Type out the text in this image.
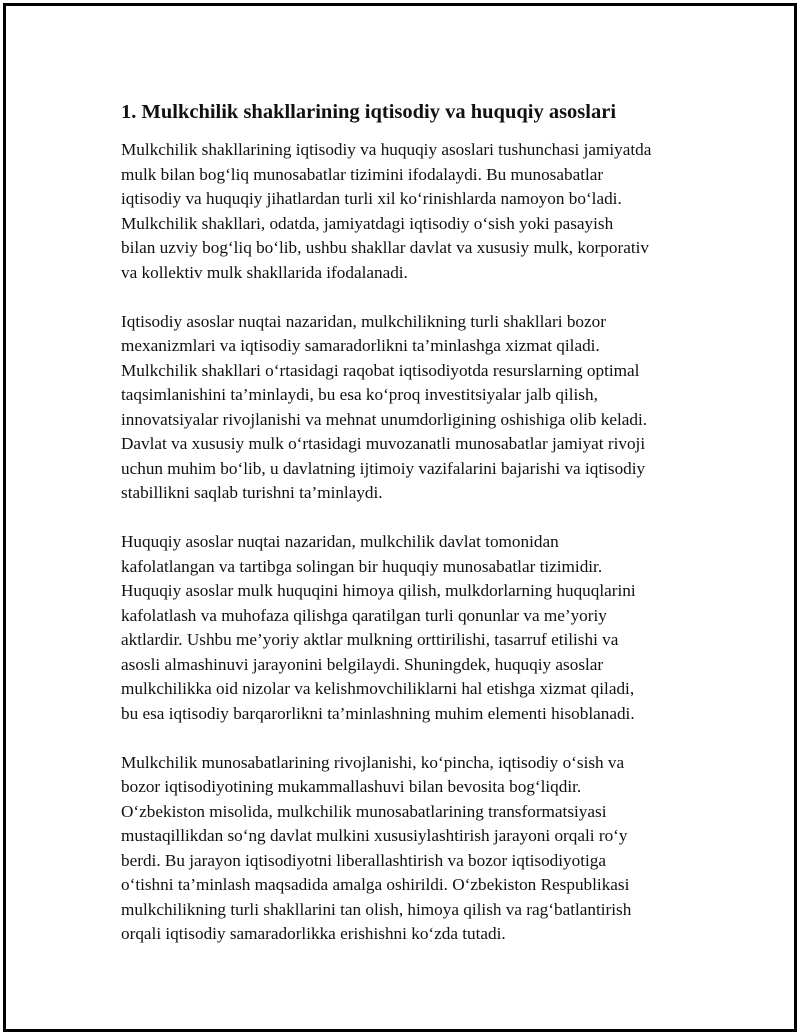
1. Mulkchilik shakllarining iqtisodiy va huquqiy asoslari

Mulkchilik shakllarining iqtisodiy va huquqiy asoslari tushunchasi jamiyatda
mulk bilan bog‘liq munosabatlar tizimini ifodalaydi. Bu munosabatlar
iqtisodiy va huquqiy jihatlardan turli xil ko‘rinishlarda namoyon bo‘ladi.
Mulkchilik shakllari, odatda, jamiyatdagi iqtisodiy o‘sish yoki pasayish
bilan uzviy bog‘liq bo‘lib, ushbu shakllar davlat va xususiy mulk, korporativ
va kollektiv mulk shakllarida ifodalanadi.

Iqtisodiy asoslar nuqtai nazaridan, mulkchilikning turli shakllari bozor
mexanizmlari va iqtisodiy samaradorlikni ta’minlashga xizmat qiladi.
Mulkchilik shakllari o‘rtasidagi raqobat iqtisodiyotda resurslarning optimal
taqsimlanishini ta’minlaydi, bu esa ko‘proq investitsiyalar jalb qilish,
innovatsiyalar rivojlanishi va mehnat unumdorligining oshishiga olib keladi.
Davlat va xususiy mulk o‘rtasidagi muvozanatli munosabatlar jamiyat rivoji
uchun muhim bo‘lib, u davlatning ijtimoiy vazifalarini bajarishi va iqtisodiy
stabillikni saqlab turishni ta’minlaydi.

Huquqiy asoslar nuqtai nazaridan, mulkchilik davlat tomonidan
kafolatlangan va tartibga solingan bir huquqiy munosabatlar tizimidir.
Huquqiy asoslar mulk huquqini himoya qilish, mulkdorlarning huquqlarini
kafolatlash va muhofaza qilishga qaratilgan turli qonunlar va me’yoriy
aktlardir. Ushbu me’yoriy aktlar mulkning orttirilishi, tasarruf etilishi va
asosli almashinuvi jarayonini belgilaydi. Shuningdek, huquqiy asoslar
mulkchilikka oid nizolar va kelishmovchiliklarni hal etishga xizmat qiladi,
bu esa iqtisodiy barqarorlikni ta’minlashning muhim elementi hisoblanadi.

Mulkchilik munosabatlarining rivojlanishi, ko‘pincha, iqtisodiy o‘sish va
bozor iqtisodiyotining mukammallashuvi bilan bevosita bog‘liqdir.
O‘zbekiston misolida, mulkchilik munosabatlarining transformatsiyasi
mustaqillikdan so‘ng davlat mulkini xususiylashtirish jarayoni orqali ro‘y
berdi. Bu jarayon iqtisodiyotni liberallashtirish va bozor iqtisodiyotiga
o‘tishni ta’minlash maqsadida amalga oshirildi. O‘zbekiston Respublikasi
mulkchilikning turli shakllarini tan olish, himoya qilish va rag‘batlantirish
orqali iqtisodiy samaradorlikka erishishni ko‘zda tutadi.
